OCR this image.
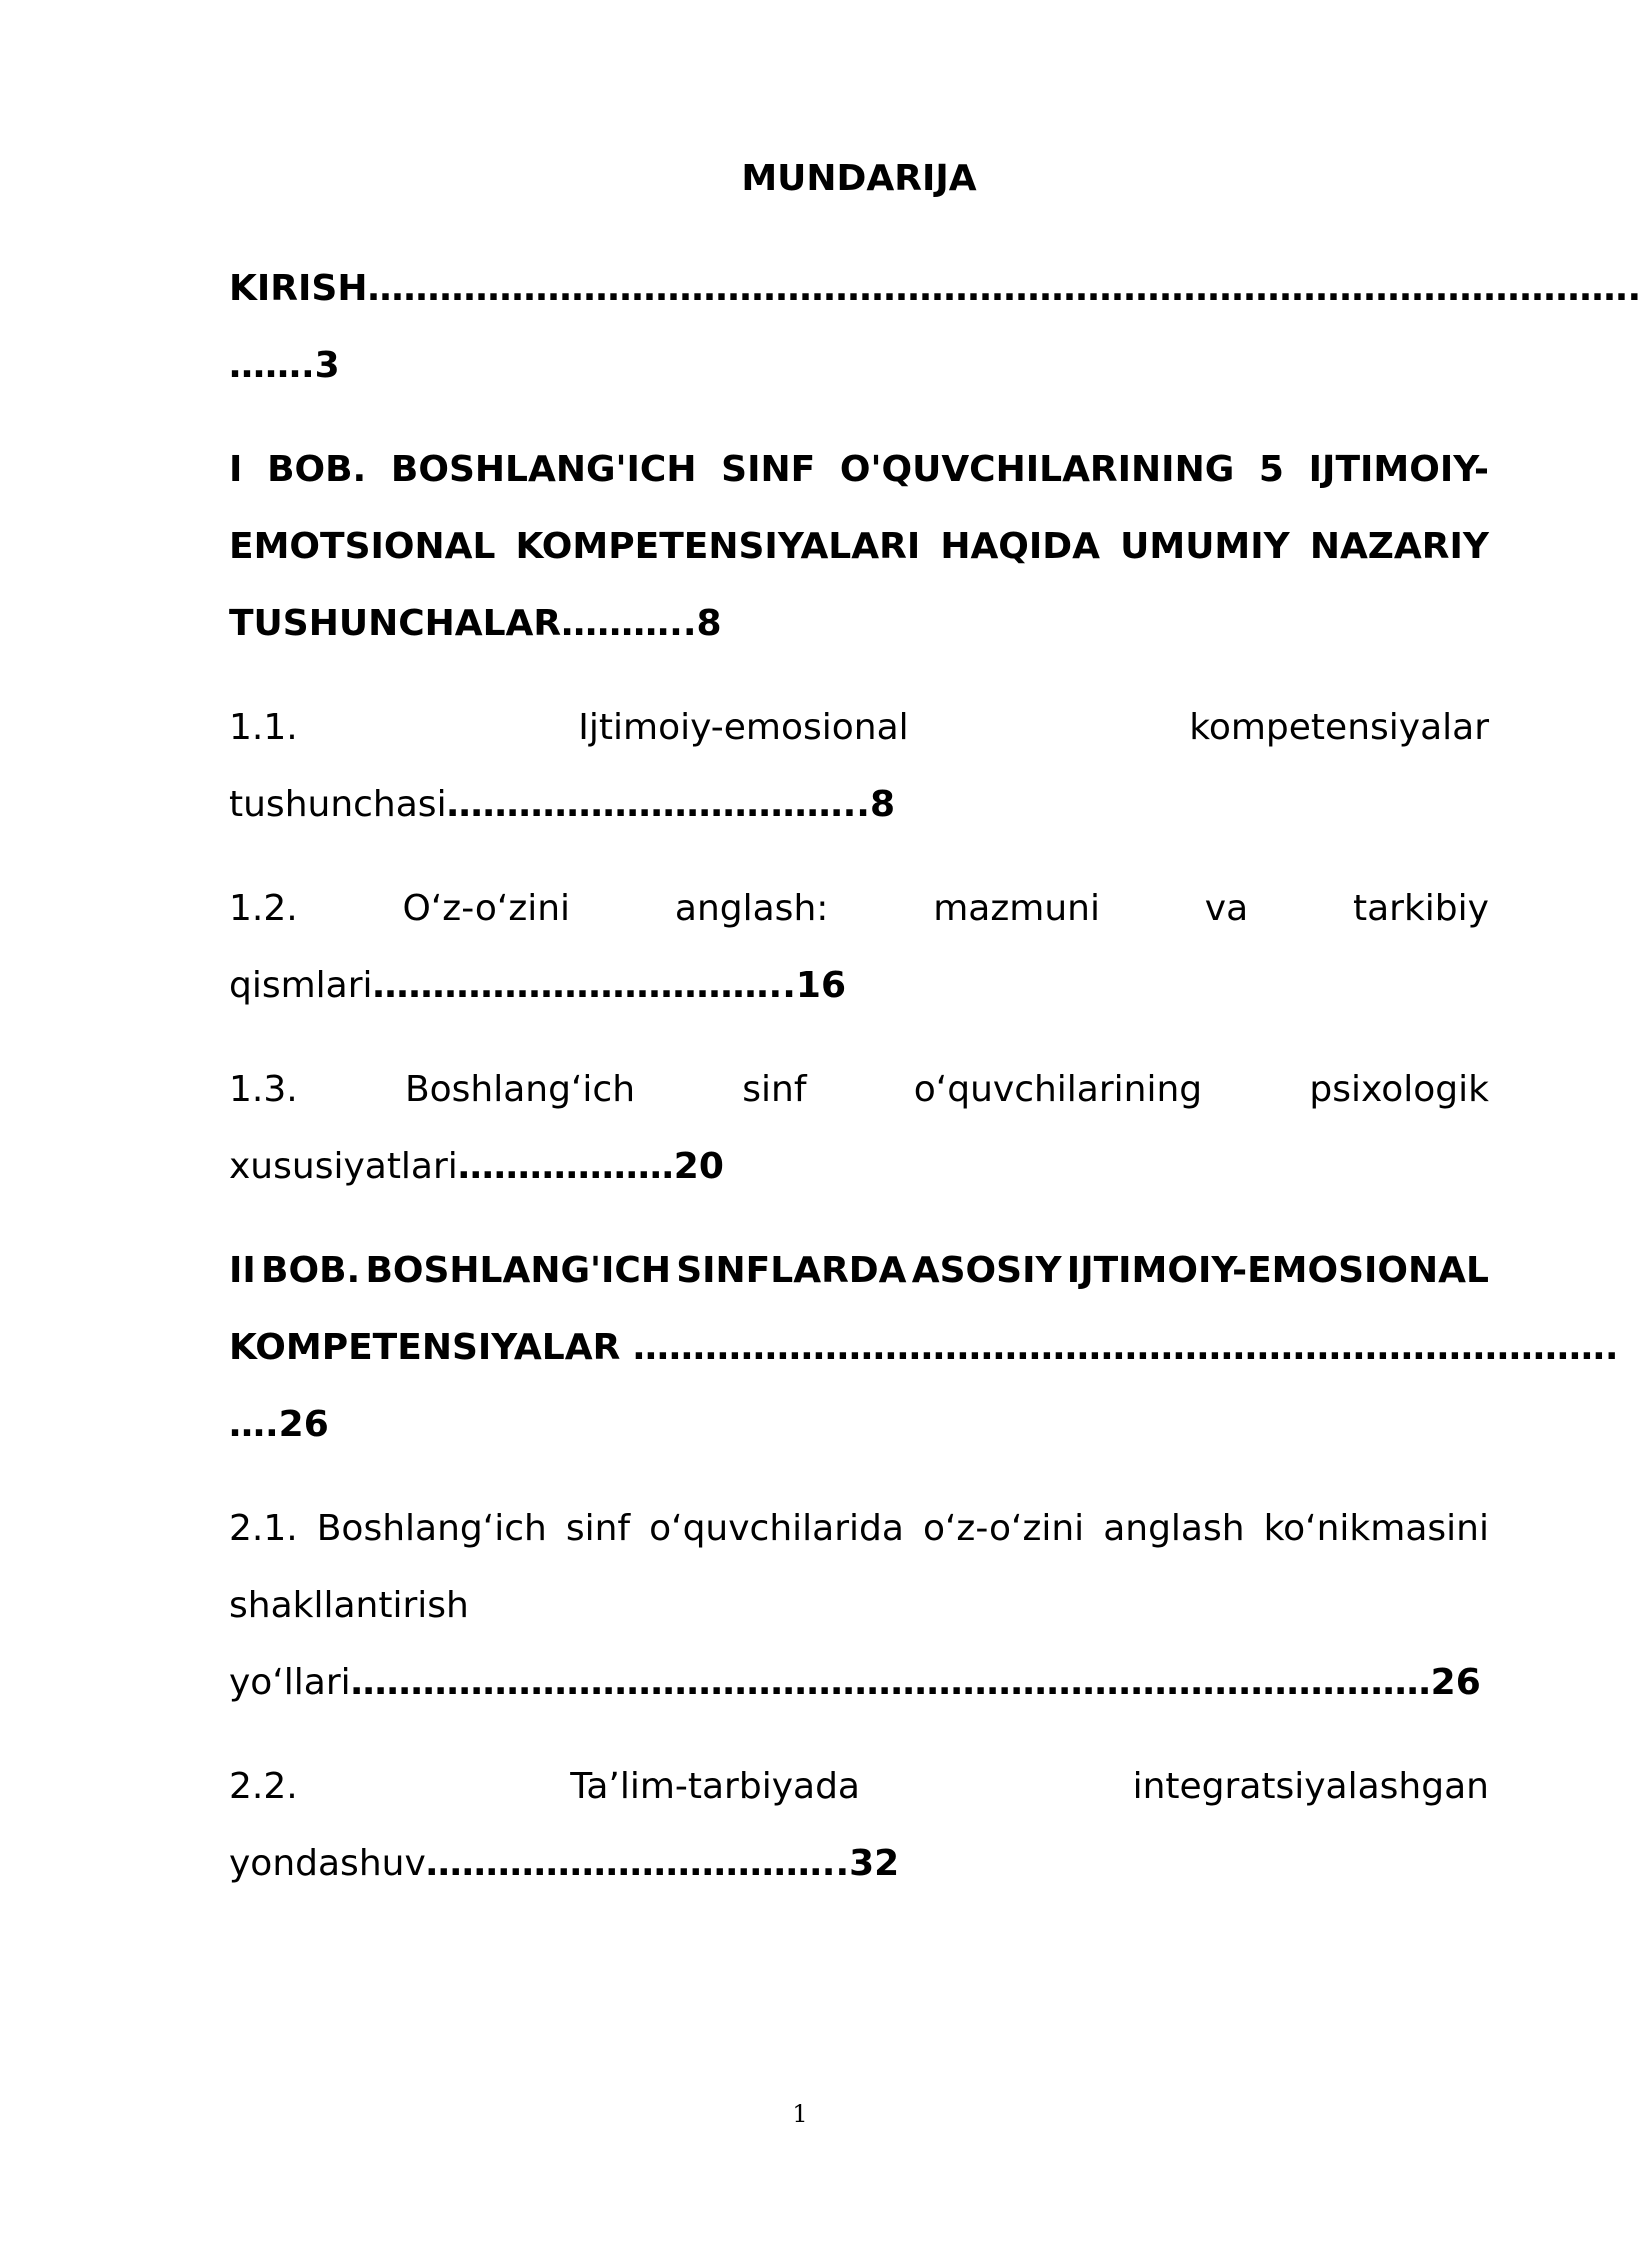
MUNDARIJA
KIRISH…………………………………………………………………………………………….
…….3
I BOB. BOSHLANG'ICH SINF O'QUVCHILARINING 5 IJTIMOIY-
EMOTSIONAL KOMPETENSIYALARI HAQIDA UMUMIY NAZARIY
TUSHUNCHALAR………..8
1.1.	Ijtimoiy-emosional	kompetensiyalar
tushunchasi……………………………..8
1.2.	O‘z-o‘zini	anglash:	mazmuni	va	tarkibiy
qismlari……………………………..16
1.3.	Boshlang‘ich	sinf	o‘quvchilarining	psixologik
xususiyatlari………………20
II BOB. BOSHLANG'ICH SINFLARDA ASOSIY IJTIMOIY-EMOSIONAL
KOMPETENSIYALAR ……………………………………………………………………….
….26
2.1. Boshlang‘ich sinf o‘quvchilarida o‘z-o‘zini anglash ko‘nikmasini
shakllantirish
yo‘llari………………………………………………………………………………26
2.2.	Ta’lim-tarbiyada	integratsiyalashgan
yondashuv……………………………..32
1
